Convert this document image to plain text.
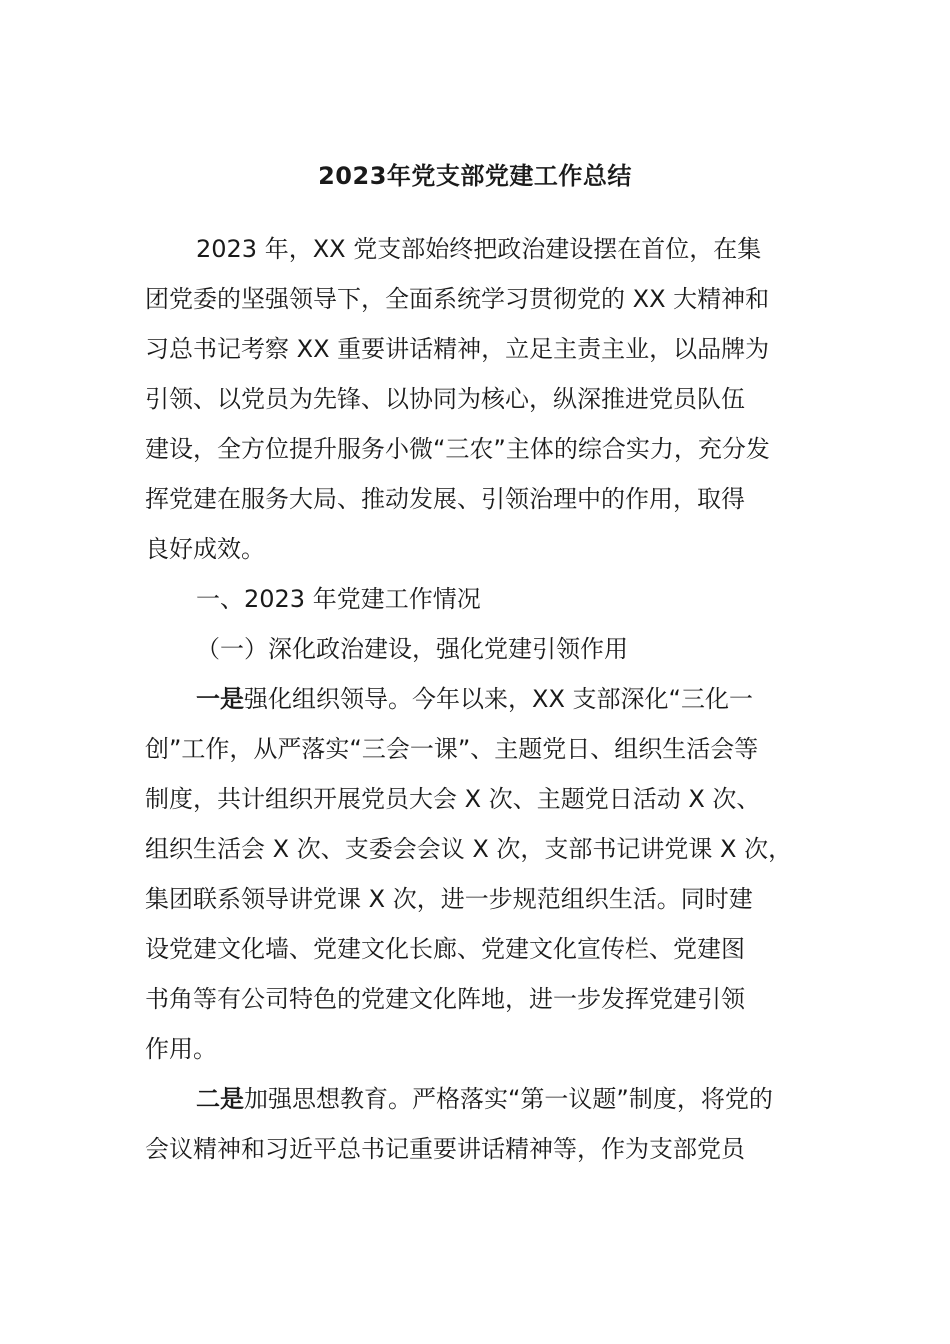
2023年党支部党建工作总结
2023 年，XX 党支部始终把政治建设摆在首位，在集
团党委的坚强领导下，全面系统学习贯彻党的 XX 大精神和
习总书记考察 XX 重要讲话精神，立足主责主业，以品牌为
引领、以党员为先锋、以协同为核心，纵深推进党员队伍
建设，全方位提升服务小微“三农”主体的综合实力，充分发
挥党建在服务大局、推动发展、引领治理中的作用，取得
良好成效。
一、2023 年党建工作情况
（一）深化政治建设，强化党建引领作用
一是强化组织领导。今年以来，XX 支部深化“三化一
创”工作，从严落实“三会一课”、主题党日、组织生活会等
制度，共计组织开展党员大会 X 次、主题党日活动 X 次、
组织生活会 X 次、支委会会议 X 次，支部书记讲党课 X 次，
集团联系领导讲党课 X 次，进一步规范组织生活。同时建
设党建文化墙、党建文化长廊、党建文化宣传栏、党建图
书角等有公司特色的党建文化阵地，进一步发挥党建引领
作用。
二是加强思想教育。严格落实“第一议题”制度，将党的
会议精神和习近平总书记重要讲话精神等，作为支部党员
